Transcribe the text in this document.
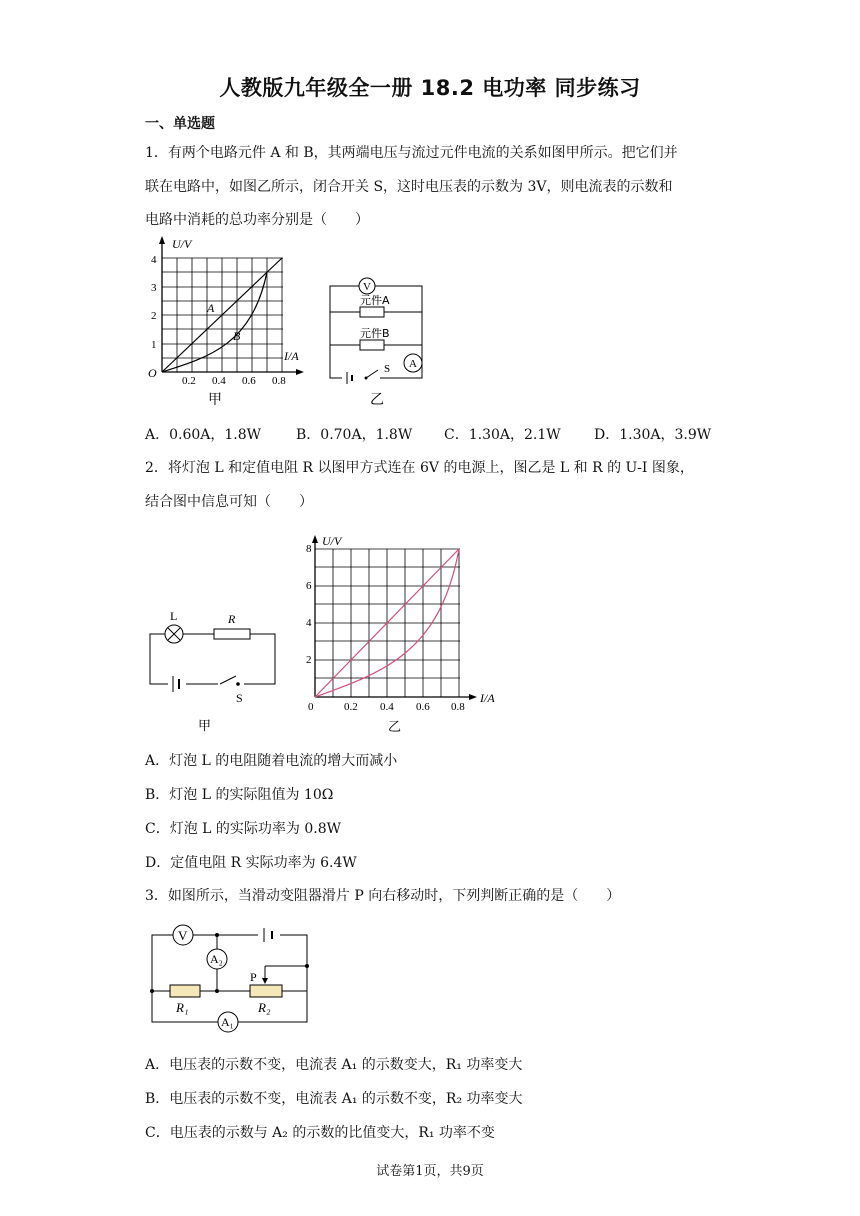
人教版九年级全一册 18.2 电功率 同步练习
一、单选题
1．有两个电路元件 A 和 B，其两端电压与流过元件电流的关系如图甲所示。把它们并
联在电路中，如图乙所示，闭合开关 S，这时电压表的示数为 3V，则电流表的示数和
电路中消耗的总功率分别是（　　）
U/V
I/A
O
1
2
3
4
0.2 0.4 0.6 0.8
A
B
甲
V
A
元件A
元件B
S
乙
A．0.60A，1.8W B．0.70A，1.8W C．1.30A，2.1W D．1.30A，3.9W
2．将灯泡 L 和定值电阻 R 以图甲方式连在 6V 的电源上，图乙是 L 和 R 的 U-I 图象，
结合图中信息可知（　　）
L	R
S
甲
U/V
I/A
2
4
6
8
0	0.2 0.4 0.6 0.8
乙
A．灯泡 L 的电阻随着电流的增大而减小
B．灯泡 L 的实际阻值为 10Ω
C．灯泡 L 的实际功率为 0.8W
D．定值电阻 R 实际功率为 6.4W
3．如图所示，当滑动变阻器滑片 P 向右移动时，下列判断正确的是（　　）
V
A₂
A₁
P
R₁	R₂
A．电压表的示数不变，电流表 A₁ 的示数变大，R₁ 功率变大
B．电压表的示数不变，电流表 A₁ 的示数不变，R₂ 功率变大
C．电压表的示数与 A₂ 的示数的比值变大，R₁ 功率不变
试卷第1页，共9页
